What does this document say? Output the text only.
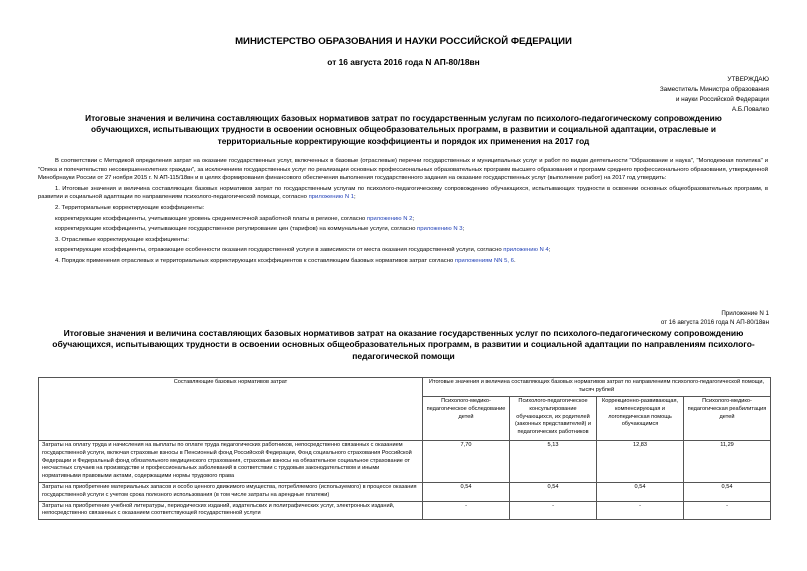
МИНИСТЕРСТВО ОБРАЗОВАНИЯ И НАУКИ РОССИЙСКОЙ ФЕДЕРАЦИИ
от 16 августа 2016 года N АП-80/18вн
УТВЕРЖДАЮ
Заместитель Министра образования
и науки Российской Федерации
А.Б.Повалко
Итоговые значения и величина составляющих базовых нормативов затрат по государственным услугам по психолого-педагогическому сопровождению обучающихся, испытывающих трудности в освоении основных общеобразовательных программ, в развитии и социальной адаптации, отраслевые и территориальные корректирующие коэффициенты и порядок их применения на 2017 год

В соответствии с Методикой определения затрат на оказание государственных услуг, включенных в базовые (отраслевые) перечни государственных и муниципальных услуг и работ по видам деятельности "Образование и наука", "Молодежная политика" и "Опека и попечительство несовершеннолетних граждан", за исключением государственных услуг по реализации основных профессиональных образовательных программ высшего образования и программ среднего профессионального образования, утвержденной Минобрнауки России от 27 ноября 2015 г. N АП-115/18вн и в целях формирования финансового обеспечения выполнения государственного задания на оказание государственных услуг (выполнение работ) на 2017 год утвердить:

1. Итоговые значения и величина составляющих базовых нормативов затрат по государственным услугам по психолого-педагогическому сопровождению обучающихся, испытывающих трудности в освоении основных общеобразовательных программ, в развитии и социальной адаптации по направлениям психолого-педагогической помощи, согласно приложению N 1;

2. Территориальные корректирующие коэффициенты:

корректирующие коэффициенты, учитывающие уровень среднемесячной заработной платы в регионе, согласно приложению N 2;

корректирующие коэффициенты, учитывающие государственное регулирование цен (тарифов) на коммунальные услуги, согласно приложению N 3;

3. Отраслевые корректирующие коэффициенты:

корректирующие коэффициенты, отражающие особенности оказания государственной услуги в зависимости от места оказания государственной услуги, согласно приложению N 4;

4. Порядок применения отраслевых и территориальных корректирующих коэффициентов к составляющим базовых нормативов затрат согласно приложениям NN 5, 6.

Приложение N 1
от 16 августа 2016 года N АП-80/18вн
Итоговые значения и величина составляющих базовых нормативов затрат на оказание государственных услуг по психолого-педагогическому сопровождению обучающихся, испытывающих трудности в освоении основных общеобразовательных программ, в развитии и социальной адаптации по направлениям психолого-педагогической помощи
Составляющие базовых нормативов затрат	Итоговые значения и величина составляющих базовых нормативов затрат по направлениям психолого-педагогической помощи, тысяч рублей			
	Психолого-медико-педагогическое обследование детей	Психолого-педагогическое консультирование обучающихся, их родителей (законных представителей) и педагогических работников	Коррекционно-развивающая, компенсирующая и логопедическая помощь обучающимся	Психолого-медико-педагогическая реабилитация детей
Затраты на оплату труда и начисления на выплаты по оплате труда педагогических работников, непосредственно связанных с оказанием государственной услуги, включая страховые взносы в Пенсионный фонд Российской Федерации, Фонд социального страхования Российской Федерации и Федеральный фонд обязательного медицинского страхования, страховые взносы на обязательное социальное страхование от несчастных случаев на производстве и профессиональных заболеваний в соответствии с трудовым законодательством и иными нормативными правовыми актами, содержащими нормы трудового права	7,70	5,13	12,83	11,29
Затраты на приобретение материальных запасов и особо ценного движимого имущества, потребляемого (используемого) в процессе оказания государственной услуги с учетом срока полезного использования (в том числе затраты на арендные платежи)	0,54	0,54	0,54	0,54
Затраты на приобретение учебной литературы, периодических изданий, издательских и полиграфических услуг, электронных изданий, непосредственно связанных с оказанием соответствующей государственной услуги	-	-	-	-
